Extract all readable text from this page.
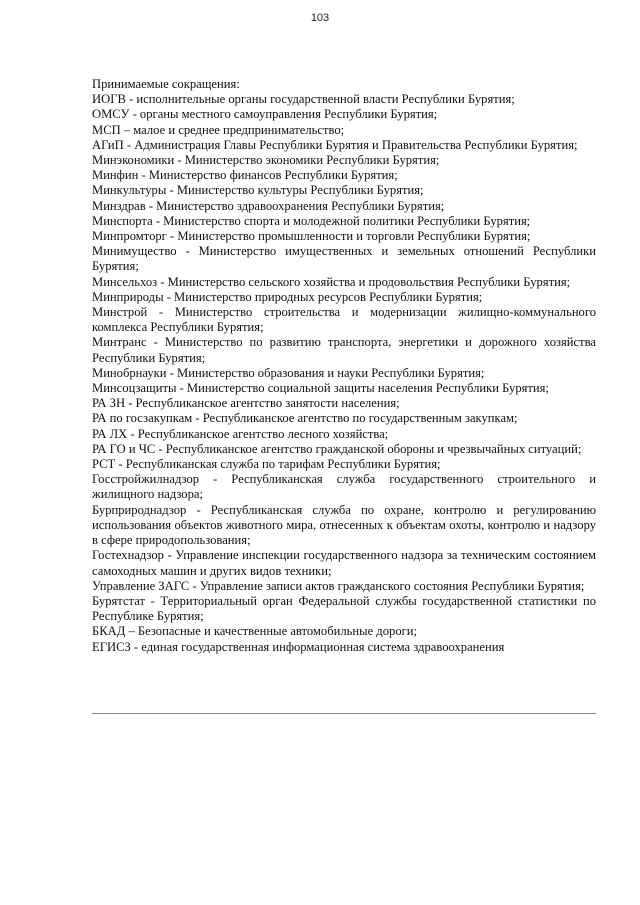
103

Принимаемые сокращения:

ИОГВ - исполнительные органы государственной власти Республики Бурятия;
ОМСУ - органы местного самоуправления Республики Бурятия;
МСП – малое и среднее предпринимательство;
АГиП - Администрация Главы Республики Бурятия и Правительства Республики Бурятия;
Минэкономики - Министерство экономики Республики Бурятия;
Минфин - Министерство финансов Республики Бурятия;
Минкультуры - Министерство культуры Республики Бурятия;
Минздрав - Министерство здравоохранения Республики Бурятия;
Минспорта - Министерство спорта и молодежной политики Республики Бурятия;
Минпромторг - Министерство промышленности и торговли Республики Бурятия;
Минимущество - Министерство имущественных и земельных отношений Республики Бурятия;
Минсельхоз - Министерство сельского хозяйства и продовольствия Республики Бурятия;
Минприроды - Министерство природных ресурсов Республики Бурятия;
Минстрой - Министерство строительства и модернизации жилищно-коммунального комплекса Республики Бурятия;
Минтранс - Министерство по развитию транспорта, энергетики и дорожного хозяйства Республики Бурятия;
Минобрнауки - Министерство образования и науки Республики Бурятия;
Минсоцзащиты - Министерство социальной защиты населения Республики Бурятия;
РА ЗН - Республиканское агентство занятости населения;
РА по госзакупкам - Республиканское агентство по государственным закупкам;
РА ЛХ - Республиканское агентство лесного хозяйства;
РА ГО и ЧС - Республиканское агентство гражданской обороны и чрезвычайных ситуаций;
РСТ - Республиканская служба по тарифам Республики Бурятия;
Госстройжилнадзор - Республиканская служба государственного строительного и жилищного надзора;
Бурприроднадзор - Республиканская служба по охране, контролю и регулированию использования объектов животного мира, отнесенных к объектам охоты, контролю и надзору в сфере природопользования;
Гостехнадзор - Управление инспекции государственного надзора за техническим состоянием самоходных машин и других видов техники;
Управление ЗАГС - Управление записи актов гражданского состояния Республики Бурятия;
Бурятстат - Территориальный орган Федеральной службы государственной статистики по Республике Бурятия;
БКАД – Безопасные и качественные автомобильные дороги;
ЕГИСЗ - единая государственная информационная система здравоохранения
